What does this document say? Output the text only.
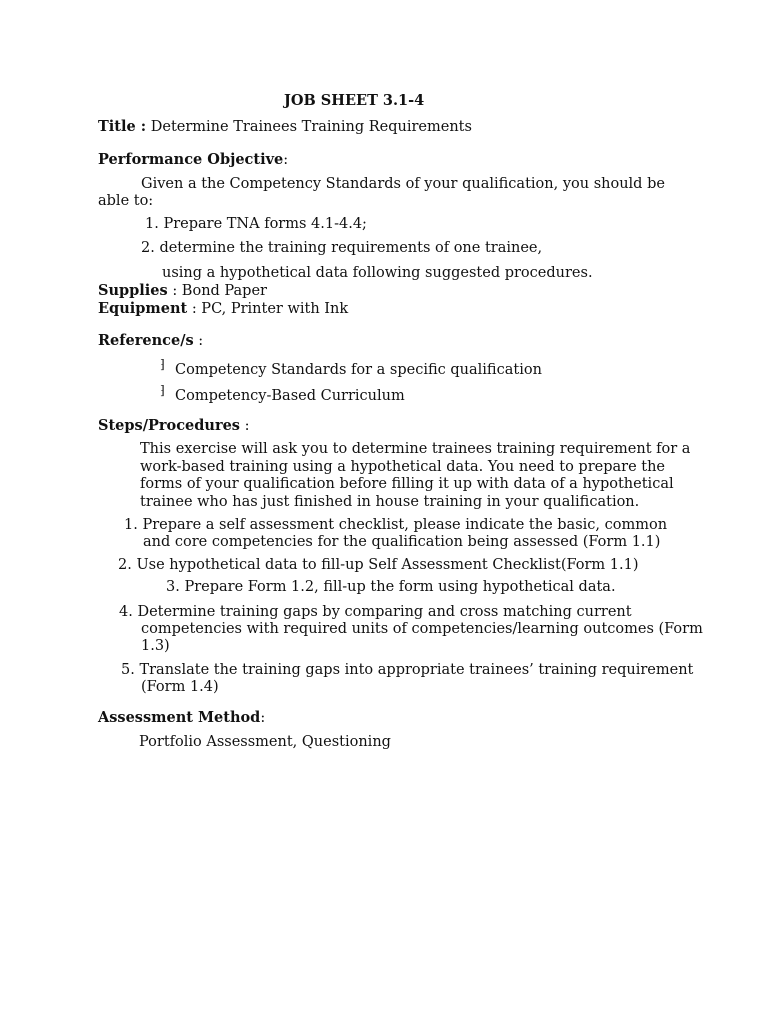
JOB SHEET 3.1-4
Title : Determine Trainees Training Requirements
Performance Objective:
Given a the Competency Standards of your qualification, you should be
able to:
1. Prepare TNA forms 4.1-4.4;
2. determine the training requirements of one trainee,
using a hypothetical data following suggested procedures.
Supplies : Bond Paper
Equipment : PC, Printer with Ink
Reference/s :
⁆ Competency Standards for a specific qualification
⁆ Competency-Based Curriculum
Steps/Procedures :
This exercise will ask you to determine trainees training requirement for a
work-based training using a hypothetical data. You need to prepare the
forms of your qualification before filling it up with data of a hypothetical
trainee who has just finished in house training in your qualification.
1. Prepare a self assessment checklist, please indicate the basic, common
and core competencies for the qualification being assessed (Form 1.1)
2. Use hypothetical data to fill-up Self Assessment Checklist(Form 1.1)
3. Prepare Form 1.2, fill-up the form using hypothetical data.
4. Determine training gaps by comparing and cross matching current
competencies with required units of competencies/learning outcomes (Form
1.3)
5. Translate the training gaps into appropriate trainees’ training requirement
(Form 1.4)
Assessment Method:
Portfolio Assessment, Questioning
